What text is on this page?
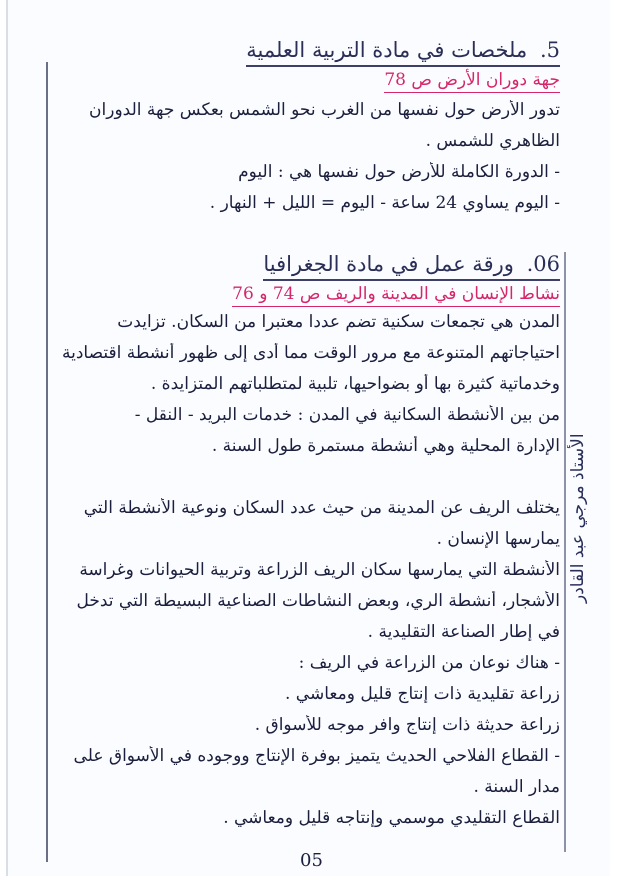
الأستاذ مرجي عبد القادر
5. ملخصات في مادة التربية العلمية
جهة دوران الأرض ص 78
تدور الأرض حول نفسها من الغرب نحو الشمس بعكس جهة الدوران
الظاهري للشمس .
- الدورة الكاملة للأرض حول نفسها هي : اليوم
- اليوم يساوي 24 ساعة - اليوم = الليل + النهار .
06. ورقة عمل في مادة الجغرافيا
نشاط الإنسان في المدينة والريف ص 74 و 76
المدن هي تجمعات سكنية تضم عددا معتبرا من السكان. تزايدت
احتياجاتهم المتنوعة مع مرور الوقت مما أدى إلى ظهور أنشطة اقتصادية
وخدماتية كثيرة بها أو بضواحيها، تلبية لمتطلباتهم المتزايدة .
من بين الأنشطة السكانية في المدن : خدمات البريد - النقل -
الإدارة المحلية وهي أنشطة مستمرة طول السنة .
يختلف الريف عن المدينة من حيث عدد السكان ونوعية الأنشطة التي
يمارسها الإنسان .
الأنشطة التي يمارسها سكان الريف الزراعة وتربية الحيوانات وغراسة
الأشجار، أنشطة الري، وبعض النشاطات الصناعية البسيطة التي تدخل
في إطار الصناعة التقليدية .
- هناك نوعان من الزراعة في الريف :
زراعة تقليدية ذات إنتاج قليل ومعاشي .
زراعة حديثة ذات إنتاج وافر موجه للأسواق .
- القطاع الفلاحي الحديث يتميز بوفرة الإنتاج ووجوده في الأسواق على
مدار السنة .
القطاع التقليدي موسمي وإنتاجه قليل ومعاشي .
05
